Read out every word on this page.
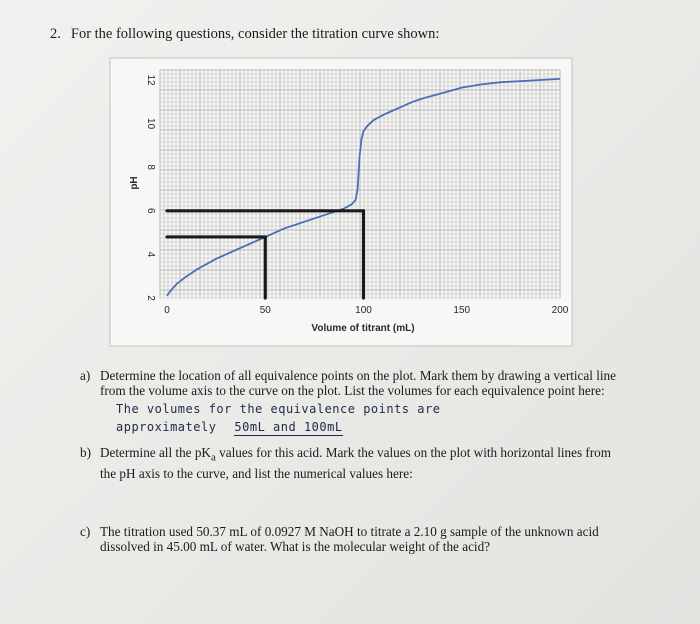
2. For the following questions, consider the titration curve shown:
0	50	100	150	200
2
4
6
8
10
12
pH
Volume of titrant (mL)
a) Determine the location of all equivalence points on the plot. Mark them by drawing a vertical line
from the volume axis to the curve on the plot. List the volumes for each equivalence point here:
The volumes for the equivalence points are
approximately 50mL and 100mL
b) Determine all the $pK_a$ values for this acid. Mark the values on the plot with horizontal lines from
the pH axis to the curve, and list the numerical values here:
c) The titration used 50.37 mL of 0.0927 M NaOH to titrate a 2.10 g sample of the unknown acid
dissolved in 45.00 mL of water. What is the molecular weight of the acid?
